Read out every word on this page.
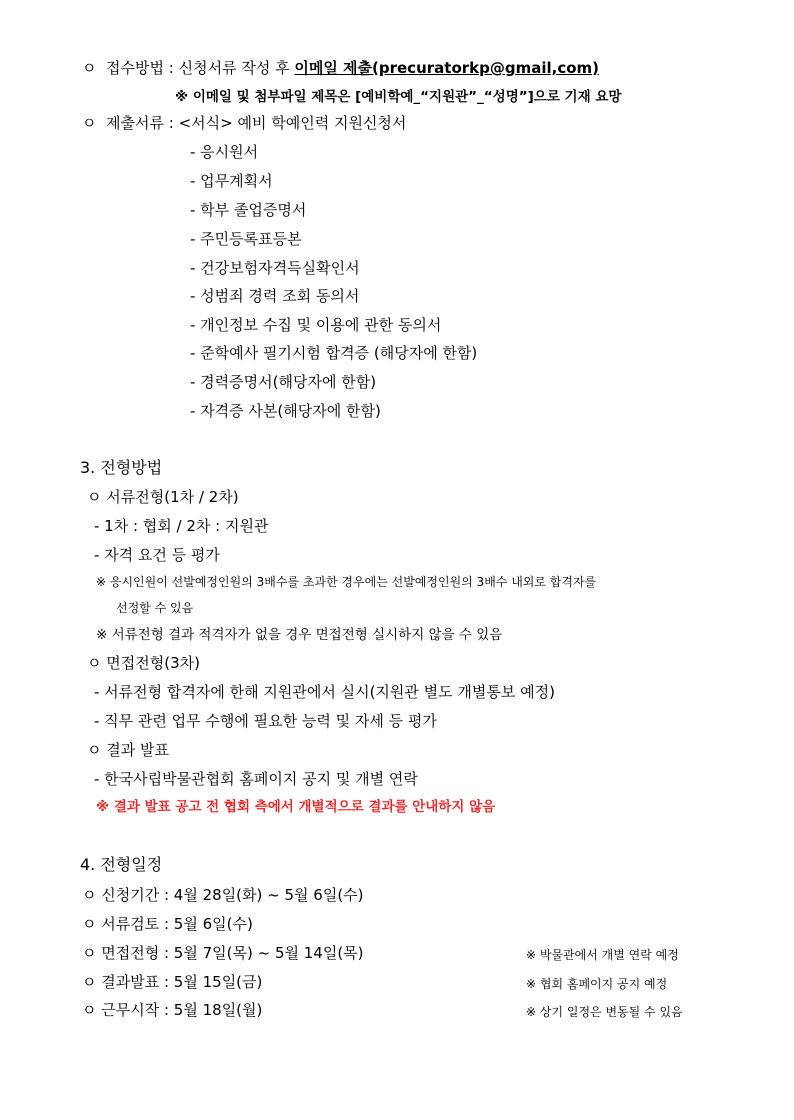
ㅇ 접수방법 : 신청서류 작성 후 이메일 제출(precuratorkp@gmail,com)
※ 이메일 및 첨부파일 제목은 [예비학예_“지원관”_“성명”]으로 기재 요망
ㅇ 제출서류 : <서식> 예비 학예인력 지원신청서
- 응시원서
- 업무계획서
- 학부 졸업증명서
- 주민등록표등본
- 건강보험자격득실확인서
- 성범죄 경력 조회 동의서
- 개인정보 수집 및 이용에 관한 동의서
- 준학예사 필기시험 합격증 (해당자에 한함)
- 경력증명서(해당자에 한함)
- 자격증 사본(해당자에 한함)
3. 전형방법
ㅇ 서류전형(1차 / 2차)
- 1차 : 협회 / 2차 : 지원관
- 자격 요건 등 평가
※ 응시인원이 선발예정인원의 3배수를 초과한 경우에는 선발예정인원의 3배수 내외로 합격자를
선정할 수 있음
※ 서류전형 결과 적격자가 없을 경우 면접전형 실시하지 않을 수 있음
ㅇ 면접전형(3차)
- 서류전형 합격자에 한해 지원관에서 실시(지원관 별도 개별통보 예정)
- 직무 관련 업무 수행에 필요한 능력 및 자세 등 평가
ㅇ 결과 발표
- 한국사립박물관협회 홈페이지 공지 및 개별 연락
※ 결과 발표 공고 전 협회 측에서 개별적으로 결과를 안내하지 않음
4. 전형일정
ㅇ 신청기간 : 4월 28일(화) ~ 5월 6일(수)
ㅇ 서류검토 : 5월 6일(수)
ㅇ 면접전형 : 5월 7일(목) ~ 5월 14일(목)	※ 박물관에서 개별 연락 예정
ㅇ 결과발표 : 5월 15일(금)	※ 협회 홈페이지 공지 예정
ㅇ 근무시작 : 5월 18일(월)	※ 상기 일정은 변동될 수 있음
